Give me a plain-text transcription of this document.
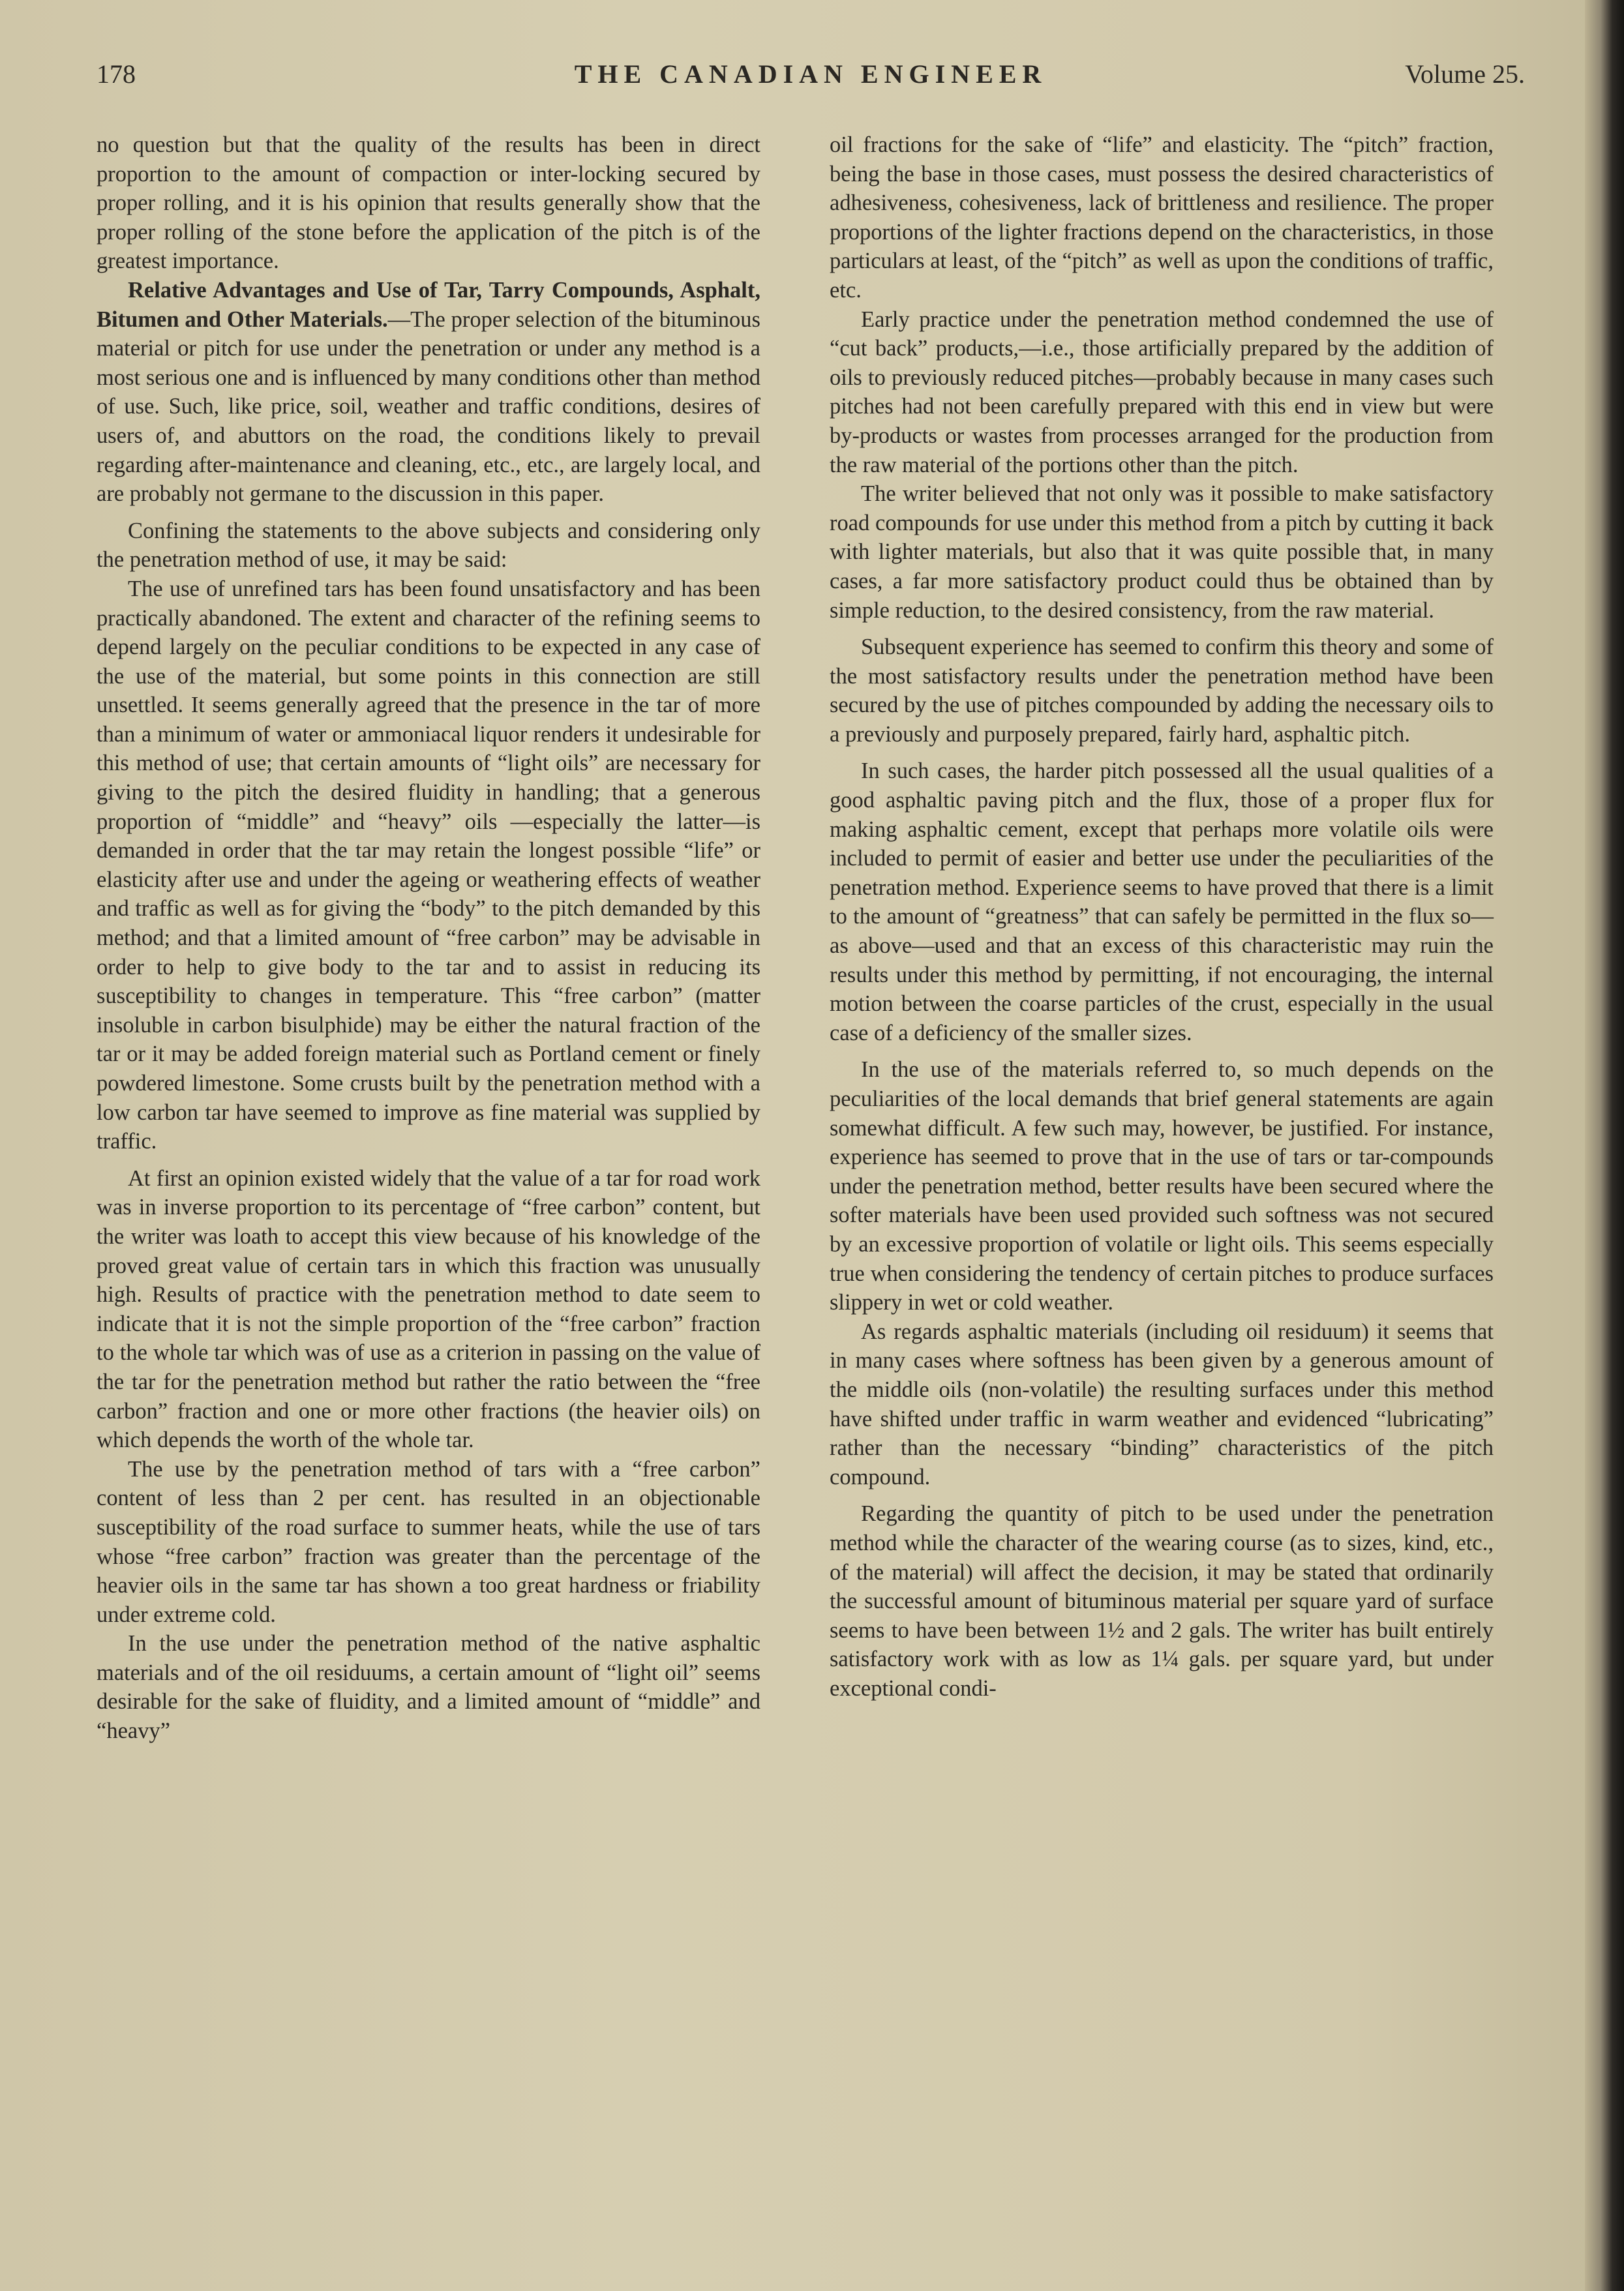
178	THE CANADIAN ENGINEER	Volume 25.

no question but that the quality of the results has been in direct proportion to the amount of compaction or inter-locking secured by proper rolling, and it is his opinion that results generally show that the proper rolling of the stone before the application of the pitch is of the greatest importance.

Relative Advantages and Use of Tar, Tarry Compounds, Asphalt, Bitumen and Other Materials.—The proper selection of the bituminous material or pitch for use under the penetration or under any method is a most serious one and is influenced by many conditions other than method of use. Such, like price, soil, weather and traffic conditions, desires of users of, and abuttors on the road, the conditions likely to prevail regarding after-maintenance and cleaning, etc., etc., are largely local, and are probably not germane to the discussion in this paper.

Confining the statements to the above subjects and considering only the penetration method of use, it may be said:

The use of unrefined tars has been found unsatisfactory and has been practically abandoned. The extent and character of the refining seems to depend largely on the peculiar conditions to be expected in any case of the use of the material, but some points in this connection are still unsettled. It seems generally agreed that the presence in the tar of more than a minimum of water or ammoniacal liquor renders it undesirable for this method of use; that certain amounts of “light oils” are necessary for giving to the pitch the desired fluidity in handling; that a generous proportion of “middle” and “heavy” oils —especially the latter—is demanded in order that the tar may retain the longest possible “life” or elasticity after use and under the ageing or weathering effects of weather and traffic as well as for giving the “body” to the pitch demanded by this method; and that a limited amount of “free carbon” may be advisable in order to help to give body to the tar and to assist in reducing its susceptibility to changes in temperature. This “free carbon” (matter insoluble in carbon bisulphide) may be either the natural fraction of the tar or it may be added foreign material such as Portland cement or finely powdered limestone. Some crusts built by the penetration method with a low carbon tar have seemed to improve as fine material was supplied by traffic.

At first an opinion existed widely that the value of a tar for road work was in inverse proportion to its percentage of “free carbon” content, but the writer was loath to accept this view because of his knowledge of the proved great value of certain tars in which this fraction was unusually high. Results of practice with the penetration method to date seem to indicate that it is not the simple proportion of the “free carbon” fraction to the whole tar which was of use as a criterion in passing on the value of the tar for the penetration method but rather the ratio between the “free carbon” fraction and one or more other fractions (the heavier oils) on which depends the worth of the whole tar.

The use by the penetration method of tars with a “free carbon” content of less than 2 per cent. has resulted in an objectionable susceptibility of the road surface to summer heats, while the use of tars whose “free carbon” fraction was greater than the percentage of the heavier oils in the same tar has shown a too great hardness or friability under extreme cold.

In the use under the penetration method of the native asphaltic materials and of the oil residuums, a certain amount of “light oil” seems desirable for the sake of fluidity, and a limited amount of “middle” and “heavy”

oil fractions for the sake of “life” and elasticity. The “pitch” fraction, being the base in those cases, must possess the desired characteristics of adhesiveness, cohesiveness, lack of brittleness and resilience. The proper proportions of the lighter fractions depend on the characteristics, in those particulars at least, of the “pitch” as well as upon the conditions of traffic, etc.

Early practice under the penetration method condemned the use of “cut back” products,—i.e., those artificially prepared by the addition of oils to previously reduced pitches—probably because in many cases such pitches had not been carefully prepared with this end in view but were by-products or wastes from processes arranged for the production from the raw material of the portions other than the pitch.

The writer believed that not only was it possible to make satisfactory road compounds for use under this method from a pitch by cutting it back with lighter materials, but also that it was quite possible that, in many cases, a far more satisfactory product could thus be obtained than by simple reduction, to the desired consistency, from the raw material.

Subsequent experience has seemed to confirm this theory and some of the most satisfactory results under the penetration method have been secured by the use of pitches compounded by adding the necessary oils to a previously and purposely prepared, fairly hard, asphaltic pitch.

In such cases, the harder pitch possessed all the usual qualities of a good asphaltic paving pitch and the flux, those of a proper flux for making asphaltic cement, except that perhaps more volatile oils were included to permit of easier and better use under the peculiarities of the penetration method. Experience seems to have proved that there is a limit to the amount of “greatness” that can safely be permitted in the flux so—as above—used and that an excess of this characteristic may ruin the results under this method by permitting, if not encouraging, the internal motion between the coarse particles of the crust, especially in the usual case of a deficiency of the smaller sizes.

In the use of the materials referred to, so much depends on the peculiarities of the local demands that brief general statements are again somewhat difficult. A few such may, however, be justified. For instance, experience has seemed to prove that in the use of tars or tar-compounds under the penetration method, better results have been secured where the softer materials have been used provided such softness was not secured by an excessive proportion of volatile or light oils. This seems especially true when considering the tendency of certain pitches to produce surfaces slippery in wet or cold weather.

As regards asphaltic materials (including oil residuum) it seems that in many cases where softness has been given by a generous amount of the middle oils (non-volatile) the resulting surfaces under this method have shifted under traffic in warm weather and evidenced “lubricating” rather than the necessary “binding” characteristics of the pitch compound.

Regarding the quantity of pitch to be used under the penetration method while the character of the wearing course (as to sizes, kind, etc., of the material) will affect the decision, it may be stated that ordinarily the successful amount of bituminous material per square yard of surface seems to have been between 1½ and 2 gals. The writer has built entirely satisfactory work with as low as 1¼ gals. per square yard, but under exceptional condi-
